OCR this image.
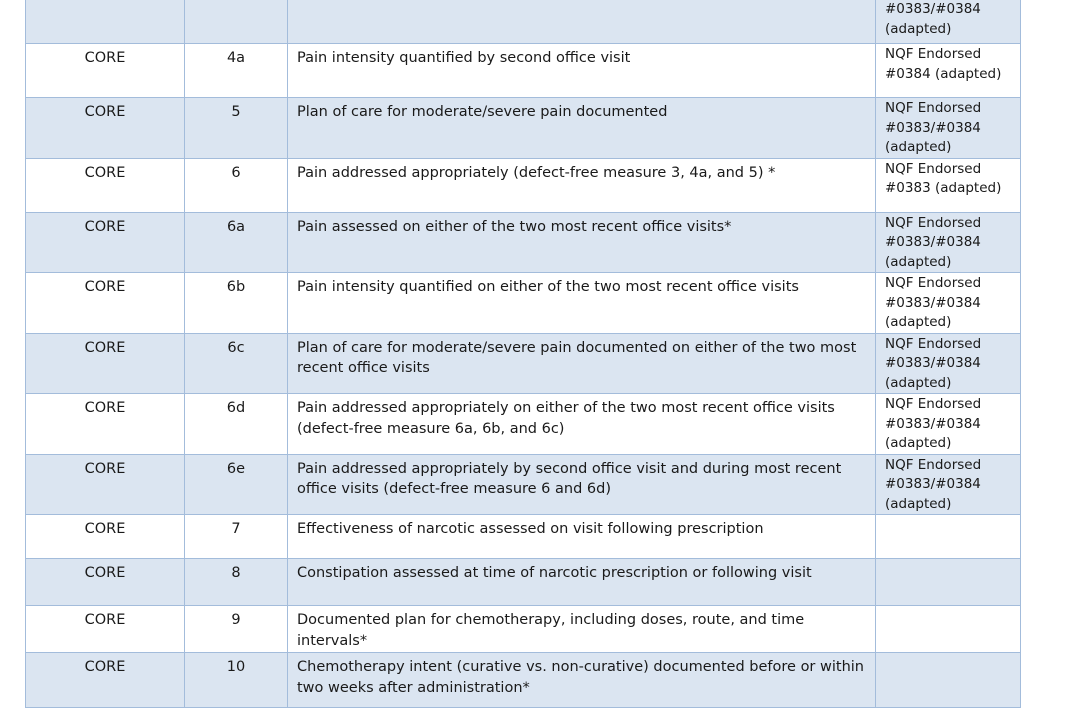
			#0383/#0384 (adapted)

CORE	4a	Pain intensity quantified by second office visit	NQF Endorsed #0384 (adapted)
CORE	5	Plan of care for moderate/severe pain documented	NQF Endorsed #0383/#0384 (adapted)
CORE	6	Pain addressed appropriately (defect-free measure 3, 4a, and 5) *	NQF Endorsed #0383 (adapted)
CORE	6a	Pain assessed on either of the two most recent office visits*	NQF Endorsed #0383/#0384 (adapted)
CORE	6b	Pain intensity quantified on either of the two most recent office visits	NQF Endorsed #0383/#0384 (adapted)
CORE	6c	Plan of care for moderate/severe pain documented on either of the two most recent office visits	NQF Endorsed #0383/#0384 (adapted)
CORE	6d	Pain addressed appropriately on either of the two most recent office visits (defect-free measure 6a, 6b, and 6c)	NQF Endorsed #0383/#0384 (adapted)
CORE	6e	Pain addressed appropriately by second office visit and during most recent office visits (defect-free measure 6 and 6d)	NQF Endorsed #0383/#0384 (adapted)
CORE	7	Effectiveness of narcotic assessed on visit following prescription	
CORE	8	Constipation assessed at time of narcotic prescription or following visit	
CORE	9	Documented plan for chemotherapy, including doses, route, and time intervals*	
CORE	10	Chemotherapy intent (curative vs. non-curative) documented before or within two weeks after administration*	
